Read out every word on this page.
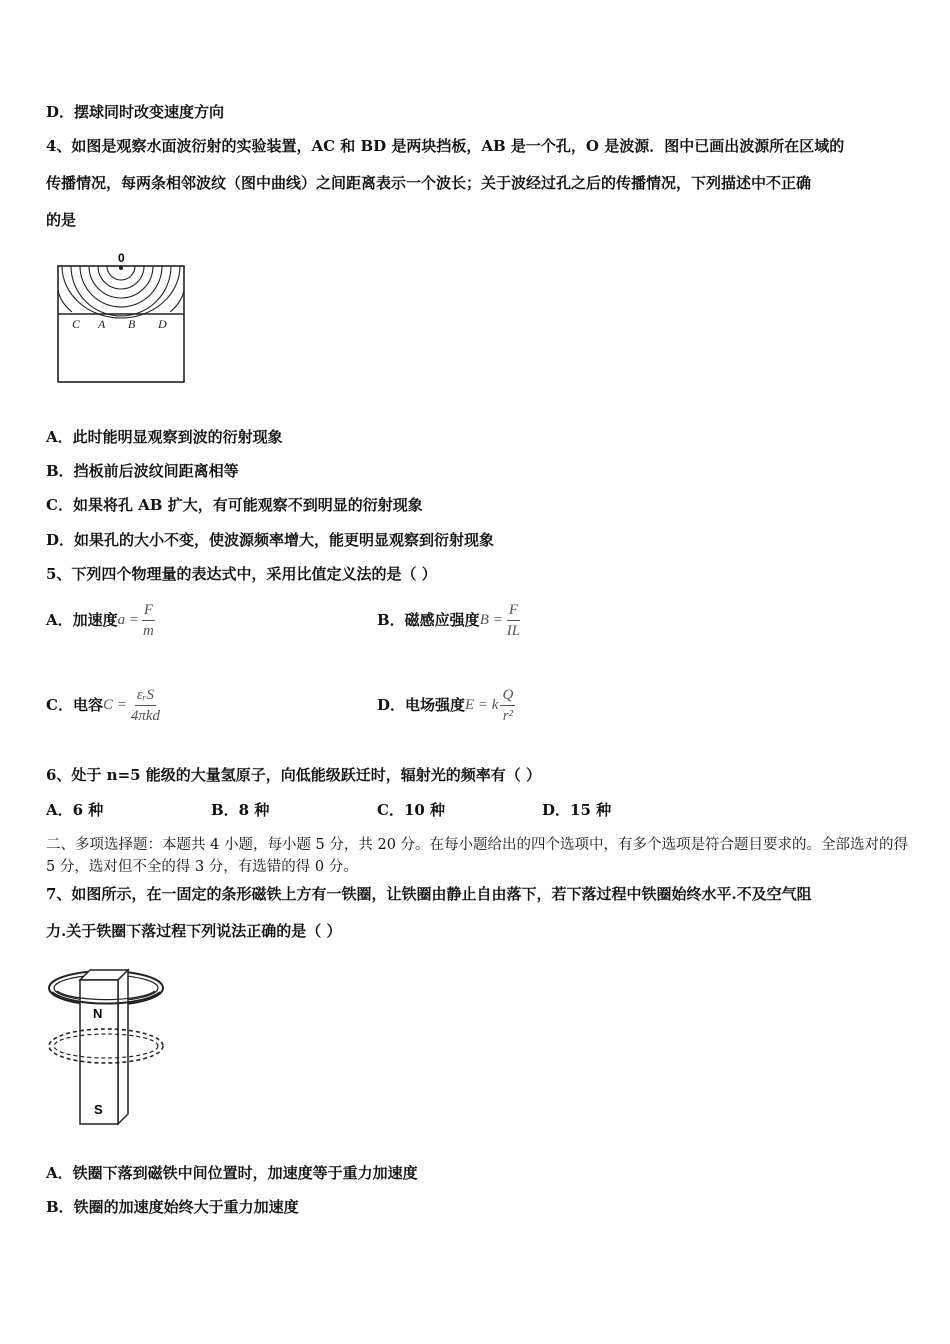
D．摆球同时改变速度方向
4、如图是观察水面波衍射的实验装置，AC 和 BD 是两块挡板，AB 是一个孔，O 是波源．图中已画出波源所在区域的
传播情况，每两条相邻波纹（图中曲线）之间距离表示一个波长；关于波经过孔之后的传播情况，下列描述中不正确
的是
0
C A B D
A．此时能明显观察到波的衍射现象
B．挡板前后波纹间距离相等
C．如果将孔 AB 扩大，有可能观察不到明显的衍射现象
D．如果孔的大小不变，使波源频率增大，能更明显观察到衍射现象
5、下列四个物理量的表达式中，采用比值定义法的是（ ）
A．加速度 $a = \frac{F}{m}$	B．磁感应强度 $B = \frac{F}{IL}$
C．电容 $C = \frac{\text{εᵣS}}{\text{4πkd}}$	D．电场强度 E = k $\frac{Q}{\text{r²}}$
6、处于 n=5 能级的大量氢原子，向低能级跃迁时，辐射光的频率有（ ）
A．6 种	B．8 种	C．10 种	D．15 种
二、多项选择题：本题共 4 小题，每小题 5 分，共 20 分。在每小题给出的四个选项中，有多个选项是符合题目要求的。全部选对的得 5 分，选对但不全的得 3 分，有选错的得 0 分。
7、如图所示，在一固定的条形磁铁上方有一铁圈，让铁圈由静止自由落下，若下落过程中铁圈始终水平.不及空气阻
力.关于铁圈下落过程下列说法正确的是（ ）
N
S
A．铁圈下落到磁铁中间位置时，加速度等于重力加速度
B．铁圈的加速度始终大于重力加速度
